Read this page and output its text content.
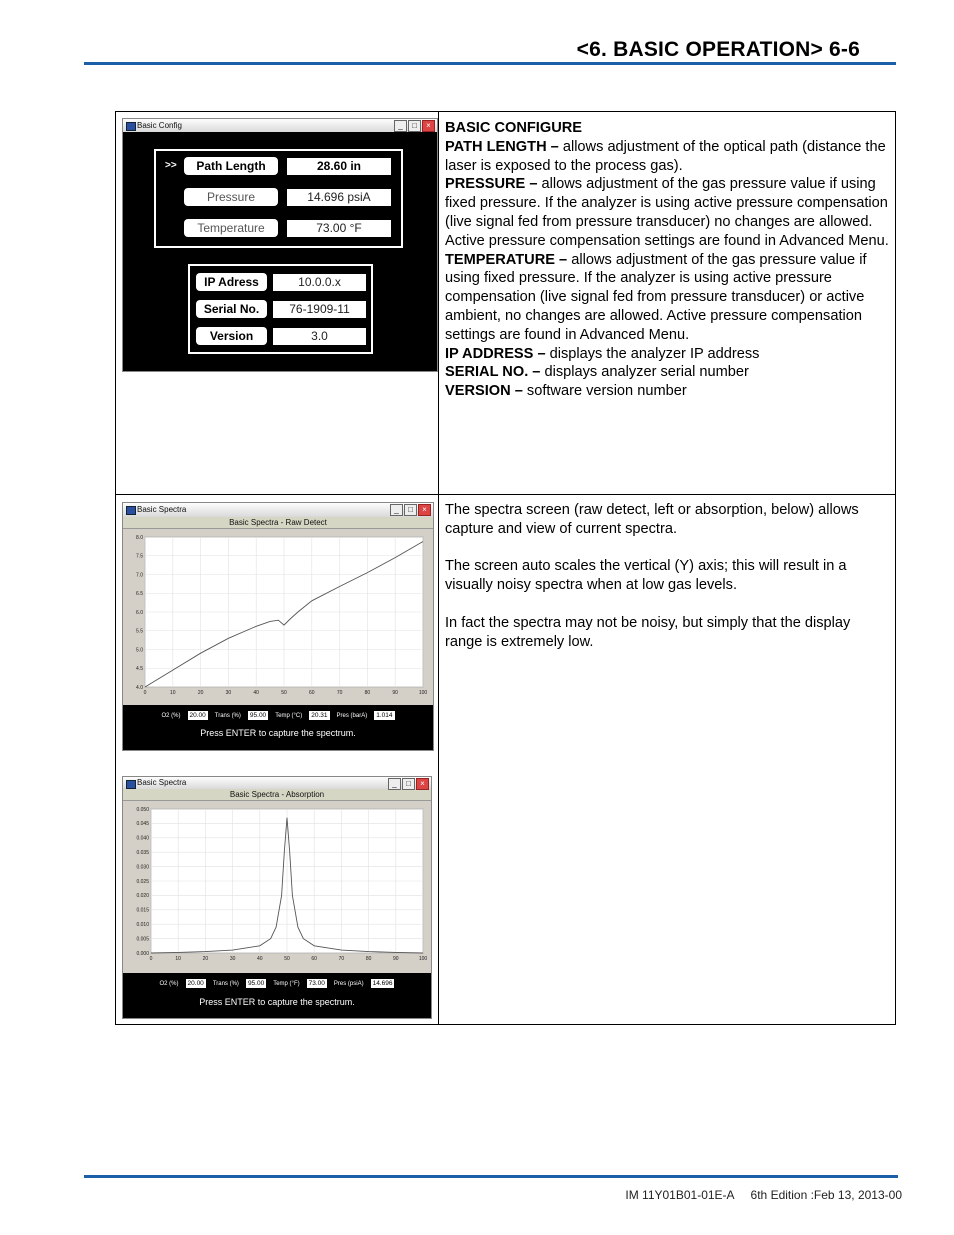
<6. BASIC OPERATION> 6-6
Basic Config	_	□	×
>>	Path Length	28.60 in
Pressure	14.696 psiA
Temperature	73.00 °F
IP Adress	10.0.0.x
Serial No.	76-1909-11
Version	3.0
BASIC CONFIGURE
PATH LENGTH – allows adjustment of the optical path (distance the laser is exposed to the process gas).
PRESSURE – allows adjustment of the gas pressure value if using fixed pressure. If the analyzer is using active pressure compensation (live signal fed from pressure transducer) no changes are allowed. Active pressure compensation settings are found in Advanced Menu.
TEMPERATURE – allows adjustment of the gas pressure value if using fixed pressure. If the analyzer is using active pressure compensation (live signal fed from pressure transducer) or active ambient, no changes are allowed. Active pressure compensation settings are found in Advanced Menu.
IP ADDRESS – displays the analyzer IP address
SERIAL NO. – displays analyzer serial number
VERSION – software version number
Basic Spectra	_	□	×
Basic Spectra - Raw Detect
0	10	20	30	40	50	60	70	80	90	100
4.0
4.5
5.0
5.5
6.0
6.5
7.0
7.5
8.0
O2 (%)	20.00	Trans (%)	95.00	Temp (°C)	20.31	Pres (barA)	1.014
Press ENTER to capture the spectrum.
Basic Spectra	_	□	×
Basic Spectra - Absorption
0	10	20	30	40	50	60	70	80	90	100
0.000
0.005
0.010
0.015
0.020
0.025
0.030
0.035
0.040
0.045
0.050
O2 (%)	20.00	Trans (%)	95.00	Temp (°F)	73.00	Pres (psiA)	14.696
Press ENTER to capture the spectrum.

The spectra screen (raw detect, left or absorption, below) allows capture and view of current spectra.

The screen auto scales the vertical (Y) axis; this will result in a visually noisy spectra when at low gas levels.

In fact the spectra may not be noisy, but simply that the display range is extremely low.

IM 11Y01B01-01E-A 6th Edition :Feb 13, 2013-00
